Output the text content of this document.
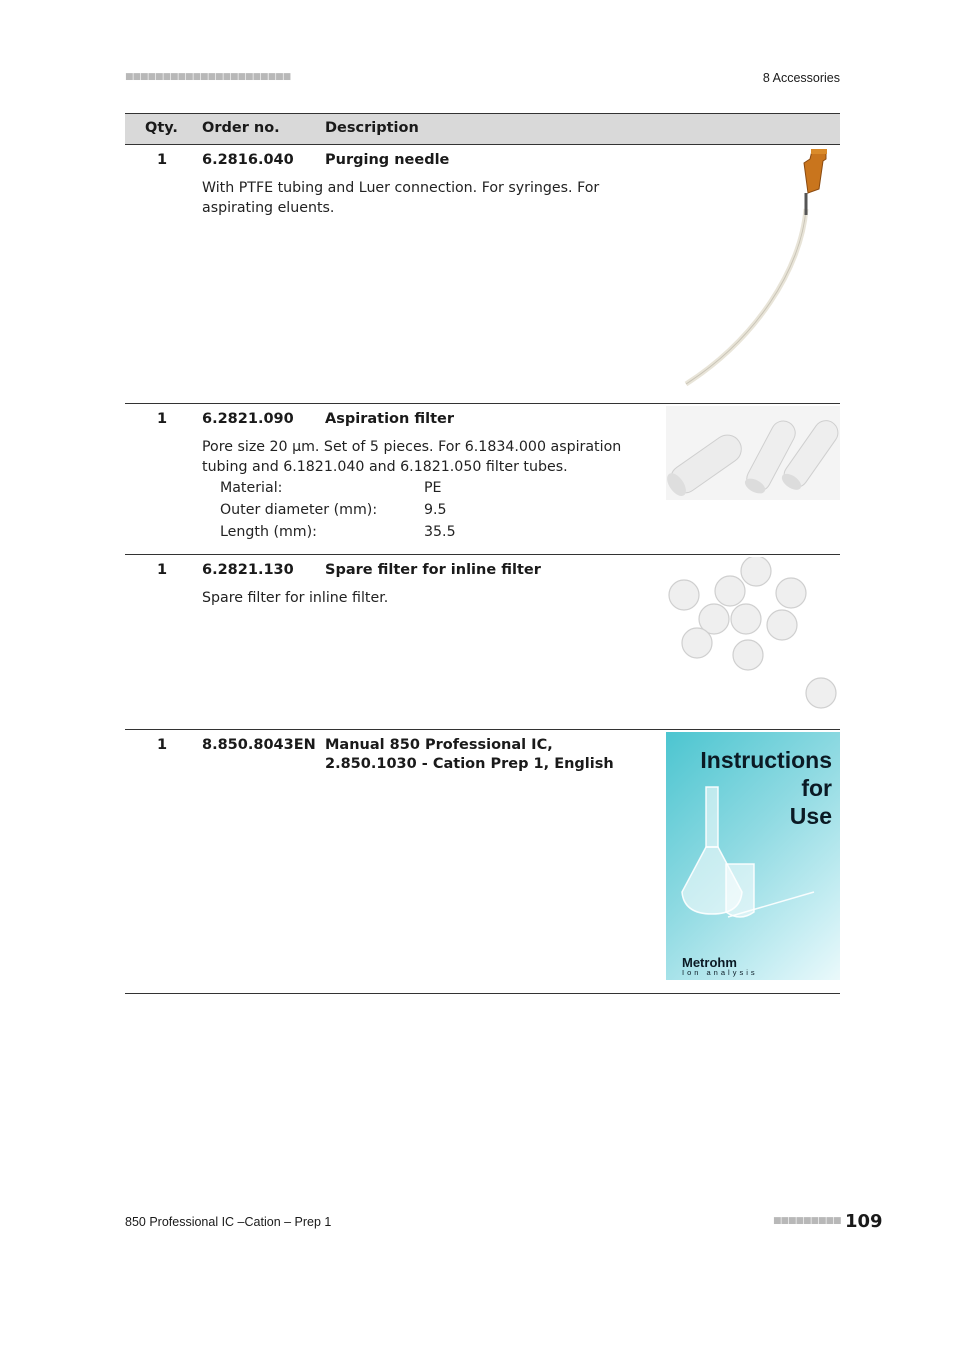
■■■■■■■■■■■■■■■■■■■■■■	8 Accessories
Qty. Order no.	Description
1 6.2816.040 Purging needle
With PTFE tubing and Luer connection. For syringes. For aspirating eluents.
1 6.2821.090 Aspiration filter
Pore size 20 µm. Set of 5 pieces. For 6.1834.000 aspiration tubing and 6.1821.040 and 6.1821.050 filter tubes.
Material:	PE
Outer diameter (mm):	9.5
Length (mm):	35.5
1 6.2821.130 Spare filter for inline filter
Spare filter for inline filter.
1 8.850.8043EN Manual 850 Professional IC, 2.850.1030 - Cation Prep 1, English	Instructions
for
Use
Metrohm
Ion analysis
850 Professional IC –Cation – Prep 1	■■■■■■■■■ 109
